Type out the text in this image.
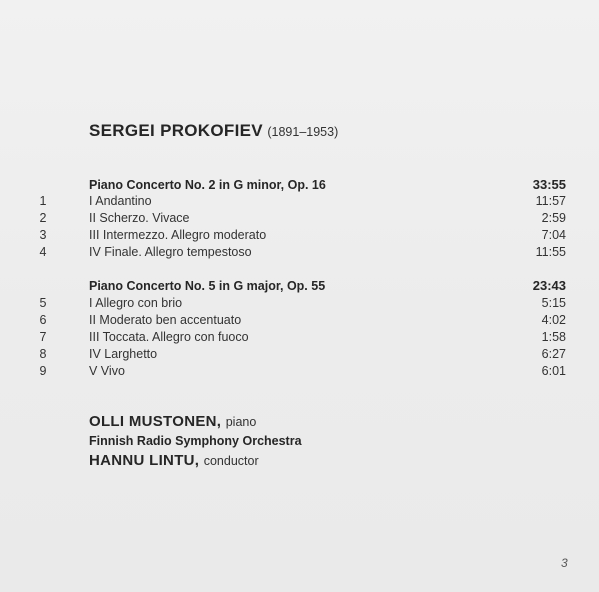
SERGEI PROKOFIEV (1891–1953)
Piano Concerto No. 2 in G minor, Op. 16	33:55
1	I Andantino	11:57
2	II Scherzo. Vivace	2:59
3	III Intermezzo. Allegro moderato	7:04
4	IV Finale. Allegro tempestoso	11:55
Piano Concerto No. 5 in G major, Op. 55	23:43
5	I Allegro con brio	5:15
6	II Moderato ben accentuato	4:02
7	III Toccata. Allegro con fuoco	1:58
8	IV Larghetto	6:27
9	V Vivo	6:01
OLLI MUSTONEN, piano
Finnish Radio Symphony Orchestra
HANNU LINTU, conductor
3
